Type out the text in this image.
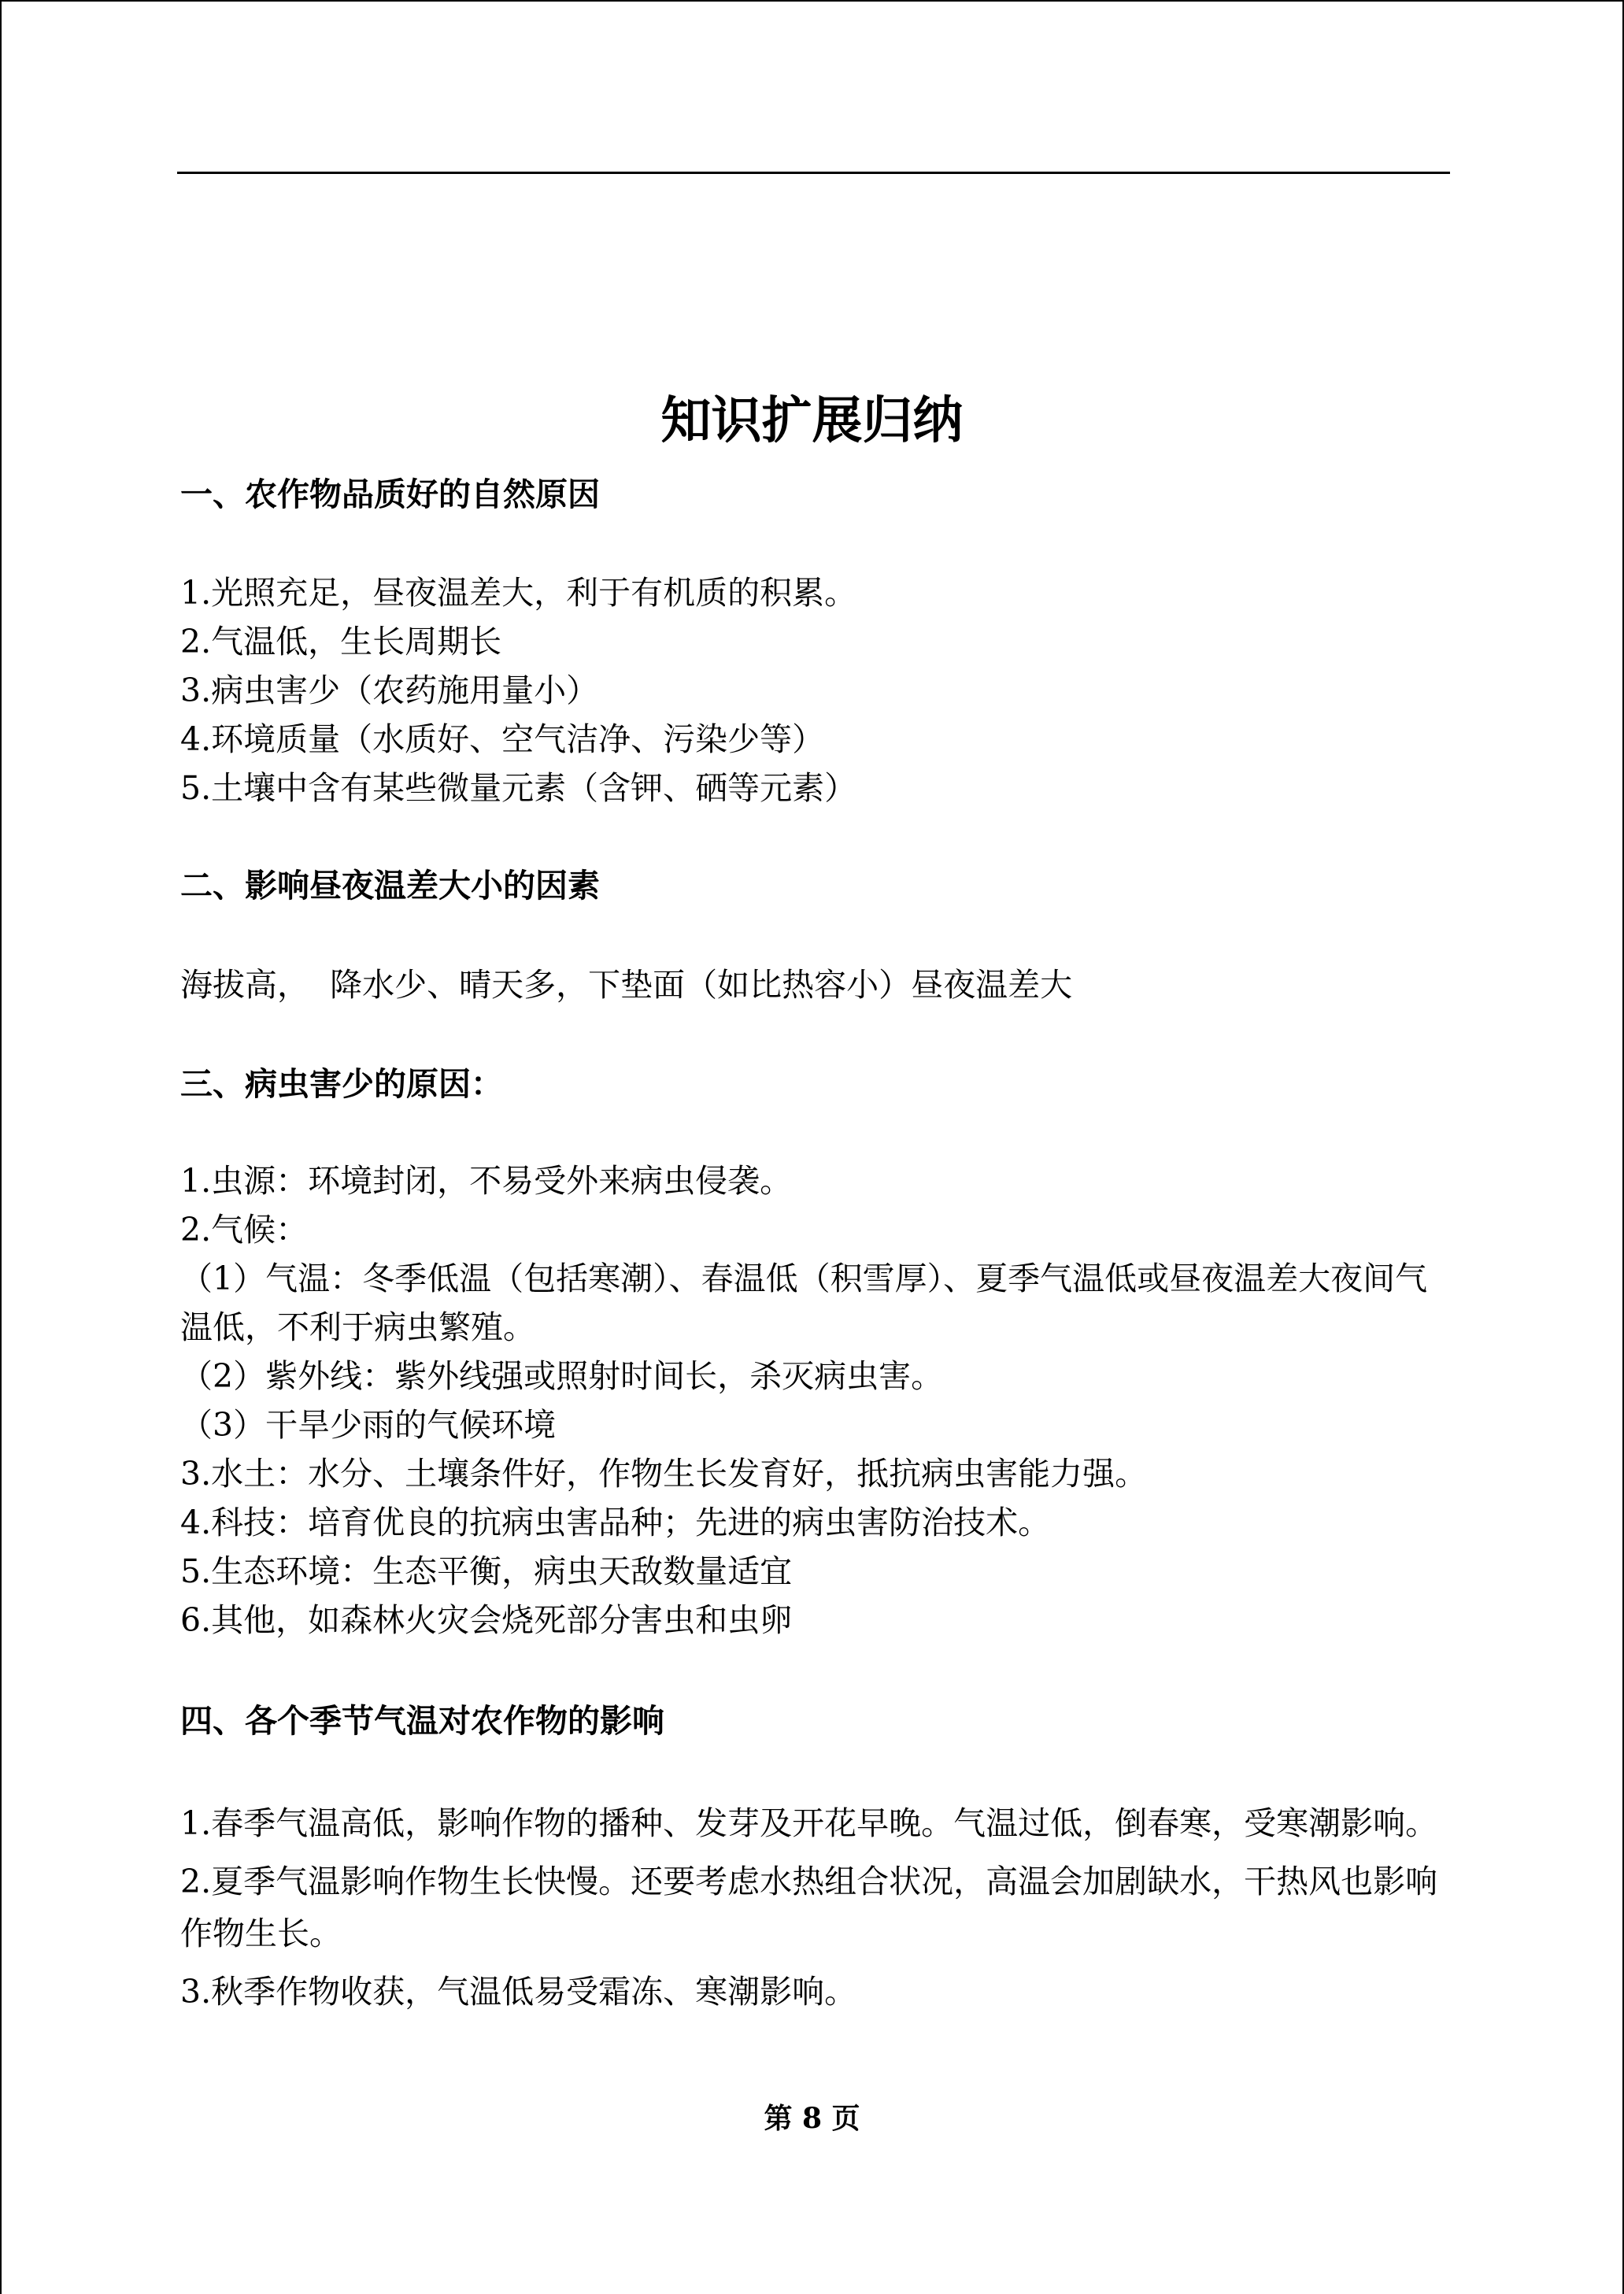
知识扩展归纳
一、农作物品质好的自然原因
1.光照充足，昼夜温差大，利于有机质的积累。
2.气温低，生长周期长
3.病虫害少（农药施用量小）
4.环境质量（水质好、空气洁净、污染少等）
5.土壤中含有某些微量元素（含钾、硒等元素）
二、影响昼夜温差大小的因素
海拔高，  降水少、晴天多，下垫面（如比热容小）昼夜温差大
三、病虫害少的原因：
1.虫源：环境封闭，不易受外来病虫侵袭。
2.气候：
（1）气温：冬季低温（包括寒潮）、春温低（积雪厚）、夏季气温低或昼夜温差大夜间气温低，不利于病虫繁殖。
（2）紫外线：紫外线强或照射时间长，杀灭病虫害。
（3）干旱少雨的气候环境
3.水土：水分、土壤条件好，作物生长发育好，抵抗病虫害能力强。
4.科技：培育优良的抗病虫害品种；先进的病虫害防治技术。
5.生态环境：生态平衡，病虫天敌数量适宜
6.其他，如森林火灾会烧死部分害虫和虫卵
四、各个季节气温对农作物的影响
1.春季气温高低，影响作物的播种、发芽及开花早晚。气温过低，倒春寒，受寒潮影响。
2.夏季气温影响作物生长快慢。还要考虑水热组合状况，高温会加剧缺水，干热风也影响作物生长。
3.秋季作物收获，气温低易受霜冻、寒潮影响。
第 8 页
